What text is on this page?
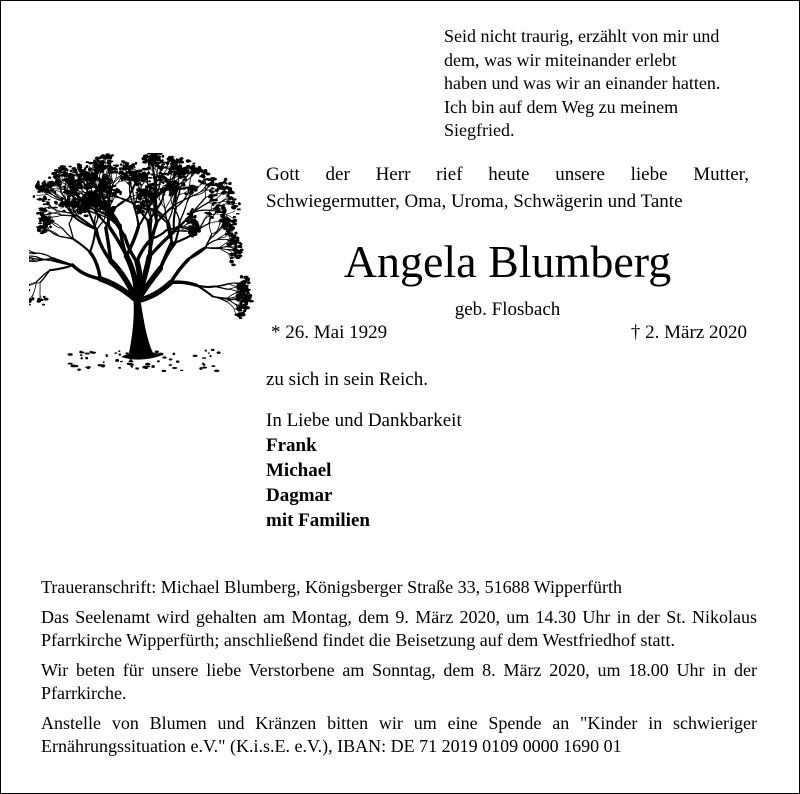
Seid nicht traurig, erzählt von mir und
dem, was wir miteinander erlebt
haben und was wir an einander hatten.
Ich bin auf dem Weg zu meinem
Siegfried.
Gott der Herr rief heute unsere liebe Mutter,
Schwiegermutter, Oma, Uroma, Schwägerin und Tante
Angela Blumberg
geb. Flosbach
* 26. Mai 1929	† 2. März 2020
zu sich in sein Reich.
In Liebe und Dankbarkeit
Frank
Michael
Dagmar
mit Familien

Traueranschrift: Michael Blumberg, Königsberger Straße 33, 51688 Wipperfürth

Das Seelenamt wird gehalten am Montag, dem 9. März 2020, um 14.30 Uhr in der St. Nikolaus Pfarrkirche Wipperfürth; anschließend findet die Beisetzung auf dem Westfriedhof statt.

Wir beten für unsere liebe Verstorbene am Sonntag, dem 8. März 2020, um 18.00 Uhr in der Pfarrkirche.

Anstelle von Blumen und Kränzen bitten wir um eine Spende an "Kinder in schwieriger Ernährungssituation e.V." (K.i.s.E. e.V.), IBAN: DE 71 2019 0109 0000 1690 01
